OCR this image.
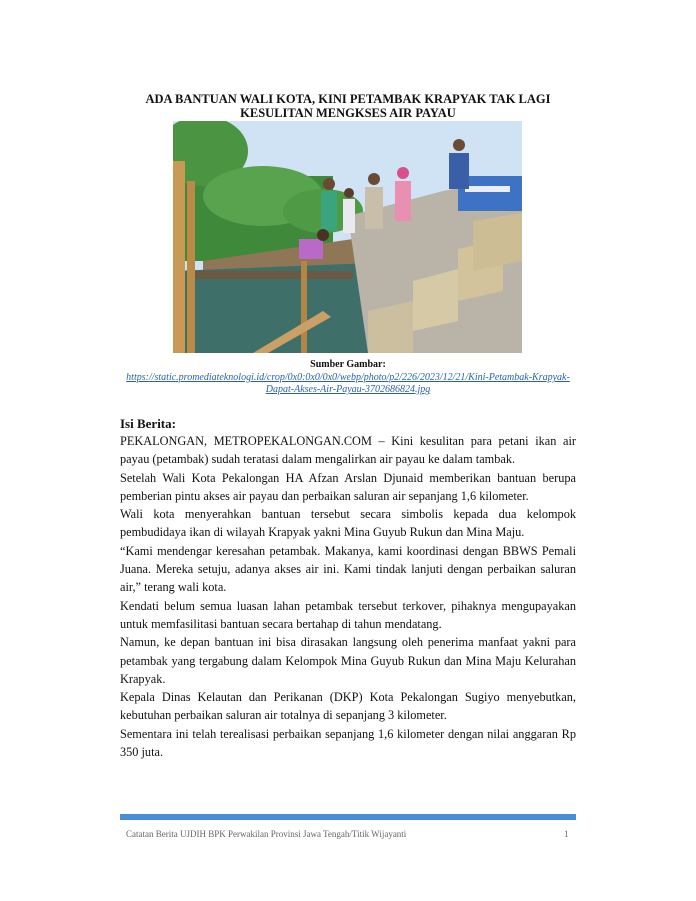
ADA BANTUAN WALI KOTA, KINI PETAMBAK KRAPYAK TAK LAGI KESULITAN MENGKSES AIR PAYAU
Sumber Gambar:
https://static.promediateknologi.id/crop/0x0:0x0/0x0/webp/photo/p2/226/2023/12/21/Kini-Petambak-Krapyak-Dapat-Akses-Air-Payau-3702686824.jpg
Isi Berita:

PEKALONGAN, METROPEKALONGAN.COM – Kini kesulitan para petani ikan air payau (petambak) sudah teratasi dalam mengalirkan air payau ke dalam tambak.

Setelah Wali Kota Pekalongan HA Afzan Arslan Djunaid memberikan bantuan berupa pemberian pintu akses air payau dan perbaikan saluran air sepanjang 1,6 kilometer.

Wali kota menyerahkan bantuan tersebut secara simbolis kepada dua kelompok pembudidaya ikan di wilayah Krapyak yakni Mina Guyub Rukun dan Mina Maju.

“Kami mendengar keresahan petambak. Makanya, kami koordinasi dengan BBWS Pemali Juana. Mereka setuju, adanya akses air ini. Kami tindak lanjuti dengan perbaikan saluran air,” terang wali kota.

Kendati belum semua luasan lahan petambak tersebut terkover, pihaknya mengupayakan untuk memfasilitasi bantuan secara bertahap di tahun mendatang.

Namun, ke depan bantuan ini bisa dirasakan langsung oleh penerima manfaat yakni para petambak yang tergabung dalam Kelompok Mina Guyub Rukun dan Mina Maju Kelurahan Krapyak.

Kepala Dinas Kelautan dan Perikanan (DKP) Kota Pekalongan Sugiyo menyebutkan, kebutuhan perbaikan saluran air totalnya di sepanjang 3 kilometer.

Sementara ini telah terealisasi perbaikan sepanjang 1,6 kilometer dengan nilai anggaran Rp 350 juta.

Catatan Berita UJDIH BPK Perwakilan Provinsi Jawa Tengah/Titik Wijayanti	1
